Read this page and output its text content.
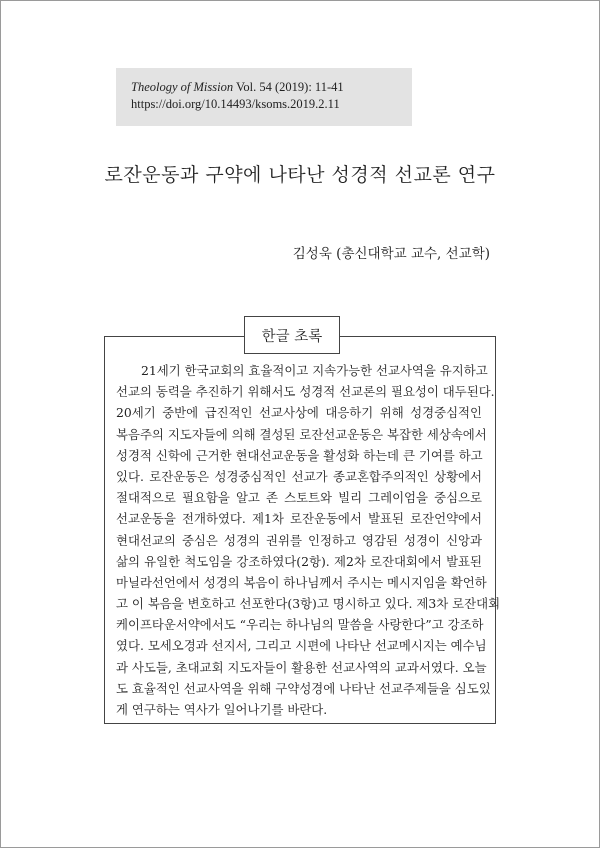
Theology of Mission Vol. 54 (2019): 11-41
https://doi.org/10.14493/ksoms.2019.2.11
로잔운동과 구약에 나타난 성경적 선교론 연구
김성욱 (총신대학교 교수, 선교학)
한글 초록
21세기 한국교회의 효율적이고 지속가능한 선교사역을 유지하고
선교의 동력을 추진하기 위해서도 성경적 선교론의 필요성이 대두된다.
20세기 중반에 급진적인 선교사상에 대응하기 위해 성경중심적인
복음주의 지도자들에 의해 결성된 로잔선교운동은 복잡한 세상속에서
성경적 신학에 근거한 현대선교운동을 활성화 하는데 큰 기여를 하고
있다. 로잔운동은 성경중심적인 선교가 종교혼합주의적인 상황에서
절대적으로 필요함을 알고 존 스토트와 빌리 그레이엄을 중심으로
선교운동을 전개하였다. 제1차 로잔운동에서 발표된 로잔언약에서
현대선교의 중심은 성경의 권위를 인정하고 영감된 성경이 신앙과
삶의 유일한 척도임을 강조하였다(2항). 제2차 로잔대회에서 발표된
마닐라선언에서 성경의 복음이 하나님께서 주시는 메시지임을 확언하
고 이 복음을 변호하고 선포한다(3항)고 명시하고 있다. 제3차 로잔대회
케이프타운서약에서도 “우리는 하나님의 말씀을 사랑한다”고 강조하
였다. 모세오경과 선지서, 그리고 시편에 나타난 선교메시지는 예수님
과 사도들, 초대교회 지도자들이 활용한 선교사역의 교과서였다. 오늘
도 효율적인 선교사역을 위해 구약성경에 나타난 선교주제들을 심도있
게 연구하는 역사가 일어나기를 바란다.
